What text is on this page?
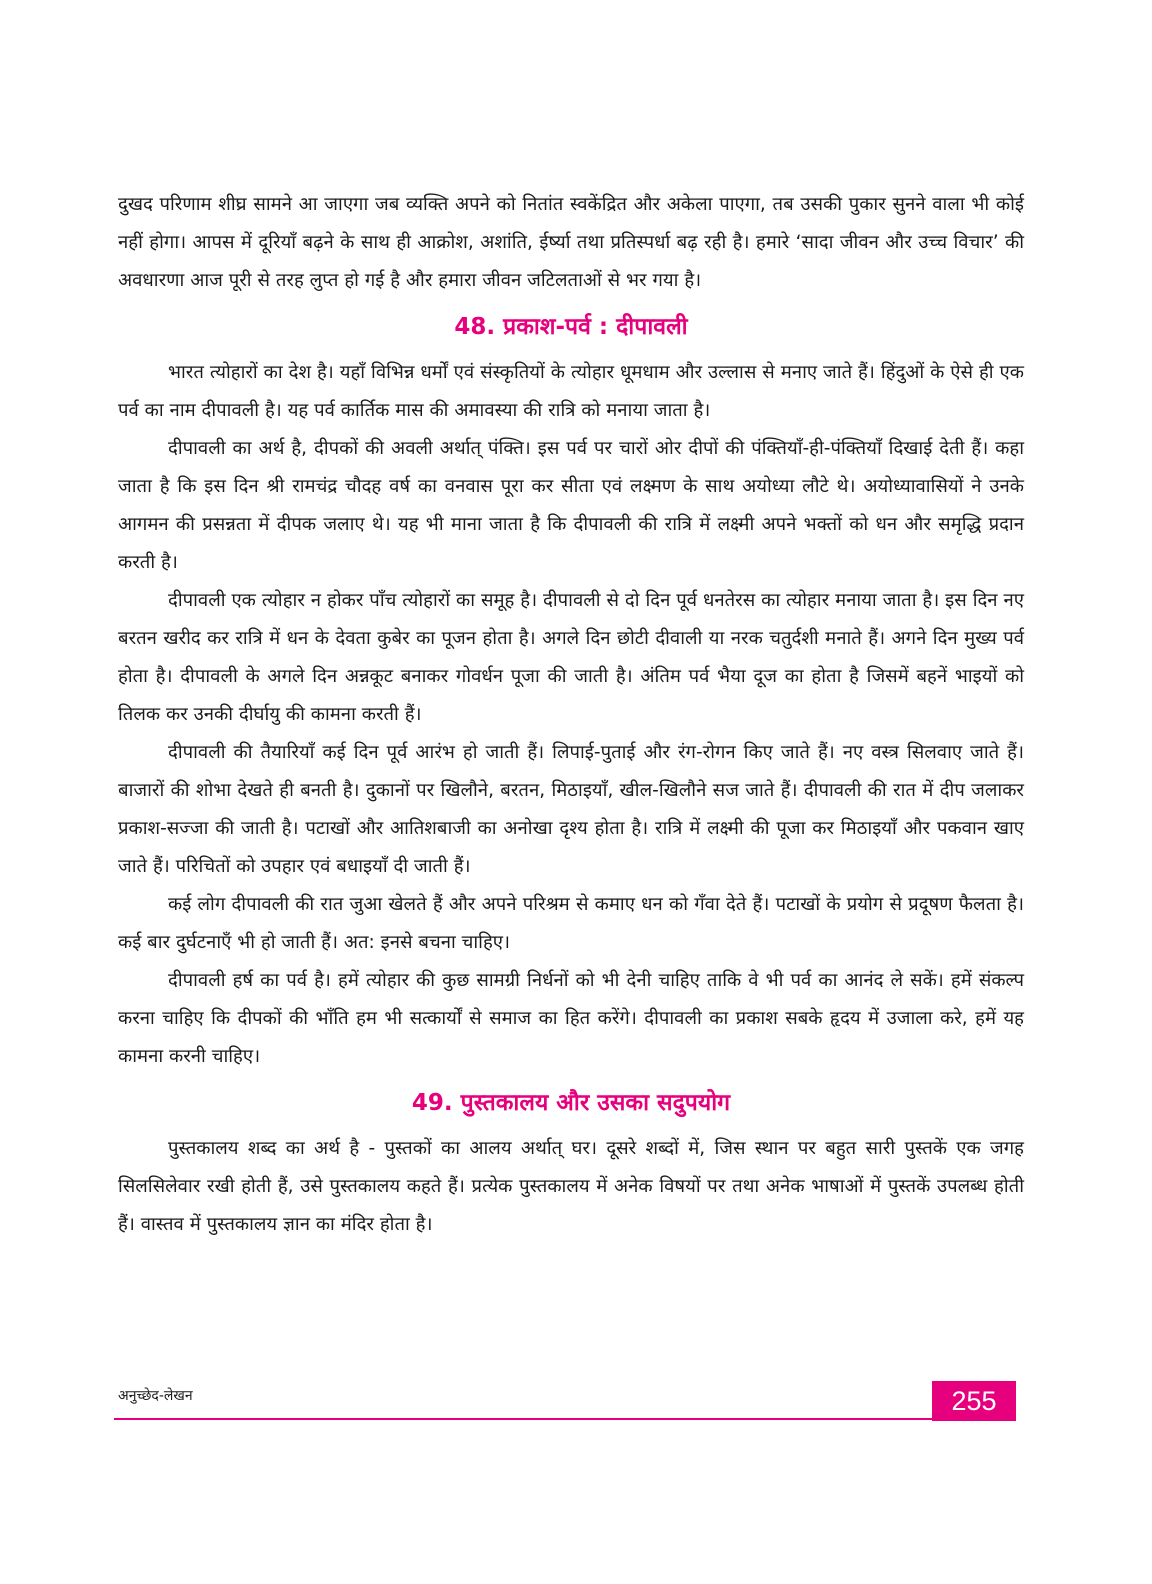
दुखद परिणाम शीघ्र सामने आ जाएगा जब व्यक्ति अपने को नितांत स्वकेंद्रित और अकेला पाएगा, तब उसकी पुकार सुनने वाला भी कोई नहीं होगा। आपस में दूरियाँ बढ़ने के साथ ही आक्रोश, अशांति, ईर्ष्या तथा प्रतिस्पर्धा बढ़ रही है। हमारे ‘सादा जीवन और उच्च विचार’ की अवधारणा आज पूरी से तरह लुप्त हो गई है और हमारा जीवन जटिलताओं से भर गया है।

48. प्रकाश-पर्व : दीपावली

भारत त्योहारों का देश है। यहाँ विभिन्न धर्मों एवं संस्कृतियों के त्योहार धूमधाम और उल्लास से मनाए जाते हैं। हिंदुओं के ऐसे ही एक पर्व का नाम दीपावली है। यह पर्व कार्तिक मास की अमावस्या की रात्रि को मनाया जाता है।

दीपावली का अर्थ है, दीपकों की अवली अर्थात् पंक्ति। इस पर्व पर चारों ओर दीपों की पंक्तियाँ-ही-पंक्तियाँ दिखाई देती हैं। कहा जाता है कि इस दिन श्री रामचंद्र चौदह वर्ष का वनवास पूरा कर सीता एवं लक्ष्मण के साथ अयोध्या लौटे थे। अयोध्यावासियों ने उनके आगमन की प्रसन्नता में दीपक जलाए थे। यह भी माना जाता है कि दीपावली की रात्रि में लक्ष्मी अपने भक्तों को धन और समृद्धि प्रदान करती है।

दीपावली एक त्योहार न होकर पाँच त्योहारों का समूह है। दीपावली से दो दिन पूर्व धनतेरस का त्योहार मनाया जाता है। इस दिन नए बरतन खरीद कर रात्रि में धन के देवता कुबेर का पूजन होता है। अगले दिन छोटी दीवाली या नरक चतुर्दशी मनाते हैं। अगने दिन मुख्य पर्व होता है। दीपावली के अगले दिन अन्नकूट बनाकर गोवर्धन पूजा की जाती है। अंतिम पर्व भैया दूज का होता है जिसमें बहनें भाइयों को तिलक कर उनकी दीर्घायु की कामना करती हैं।

दीपावली की तैयारियाँ कई दिन पूर्व आरंभ हो जाती हैं। लिपाई-पुताई और रंग-रोगन किए जाते हैं। नए वस्त्र सिलवाए जाते हैं। बाजारों की शोभा देखते ही बनती है। दुकानों पर खिलौने, बरतन, मिठाइयाँ, खील-खिलौने सज जाते हैं। दीपावली की रात में दीप जलाकर प्रकाश-सज्जा की जाती है। पटाखों और आतिशबाजी का अनोखा दृश्य होता है। रात्रि में लक्ष्मी की पूजा कर मिठाइयाँ और पकवान खाए जाते हैं। परिचितों को उपहार एवं बधाइयाँ दी जाती हैं।

कई लोग दीपावली की रात जुआ खेलते हैं और अपने परिश्रम से कमाए धन को गँवा देते हैं। पटाखों के प्रयोग से प्रदूषण फैलता है। कई बार दुर्घटनाएँ भी हो जाती हैं। अत: इनसे बचना चाहिए।

दीपावली हर्ष का पर्व है। हमें त्योहार की कुछ सामग्री निर्धनों को भी देनी चाहिए ताकि वे भी पर्व का आनंद ले सकें। हमें संकल्प करना चाहिए कि दीपकों की भाँति हम भी सत्कार्यों से समाज का हित करेंगे। दीपावली का प्रकाश सबके हृदय में उजाला करे, हमें यह कामना करनी चाहिए।

49. पुस्तकालय और उसका सदुपयोग

पुस्तकालय शब्द का अर्थ है - पुस्तकों का आलय अर्थात् घर। दूसरे शब्दों में, जिस स्थान पर बहुत सारी पुस्तकें एक जगह सिलसिलेवार रखी होती हैं, उसे पुस्तकालय कहते हैं। प्रत्येक पुस्तकालय में अनेक विषयों पर तथा अनेक भाषाओं में पुस्तकें उपलब्ध होती हैं। वास्तव में पुस्तकालय ज्ञान का मंदिर होता है।

अनुच्छेद-लेखन	255
